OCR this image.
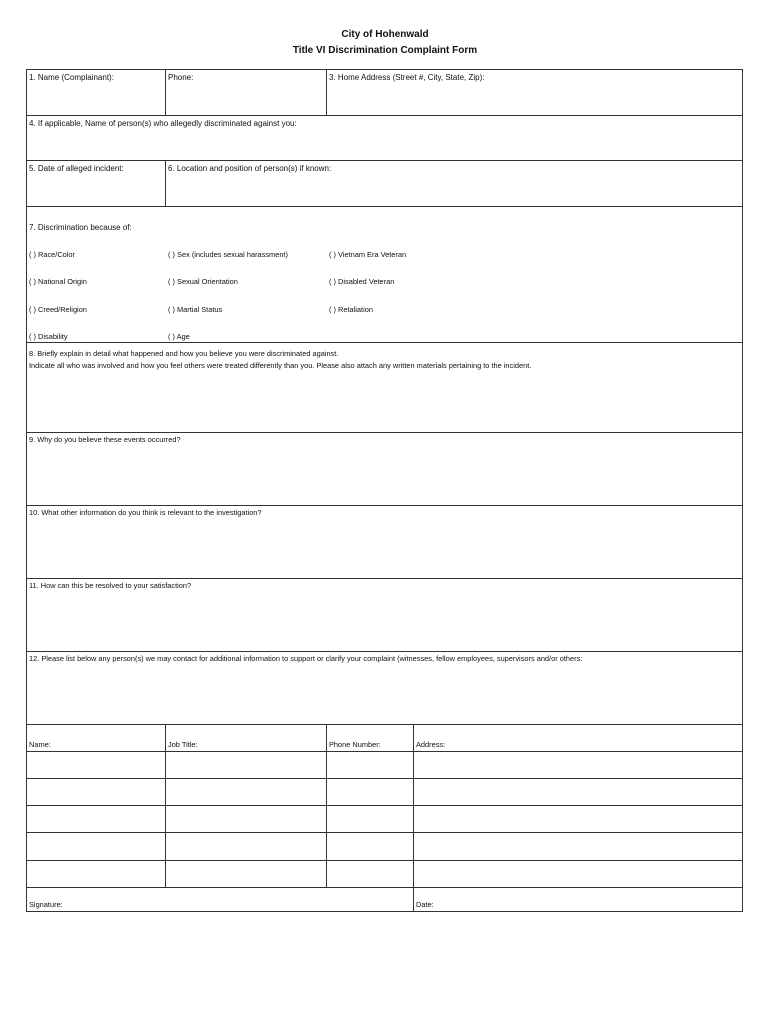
City of Hohenwald
Title VI Discrimination Complaint Form
1. Name (Complainant):	Phone:	3. Home Address (Street #, City, State, Zip):
4. If applicable, Name of person(s) who allegedly discriminated against you:
5. Date of alleged incident:	6. Location and position of person(s) if known:
7. Discrimination because of:
( ) Race/Color	( ) Sex (includes sexual harassment)	( ) Vietnam Era Veteran
( ) National Origin	( ) Sexual Orientation	( ) Disabled Veteran
( ) Creed/Religion	( ) Martial Status	( ) Retaliation
( ) Disability	( ) Age
8. Briefly explain in detail what happened and how you believe you were discriminated against.
Indicate all who was involved and how you feel others were treated differently than you. Please also attach any written materials pertaining to the incident.
9. Why do you believe these events occurred?
10. What other information do you think is relevant to the investigation?
11. How can this be resolved to your satisfaction?
12. Please list below any person(s) we may contact for additional information to support or clarify your complaint (witnesses, fellow employees, supervisors and/or others:
Name:	Job Title:	Phone Number:	Address:
Signature:	Date:
